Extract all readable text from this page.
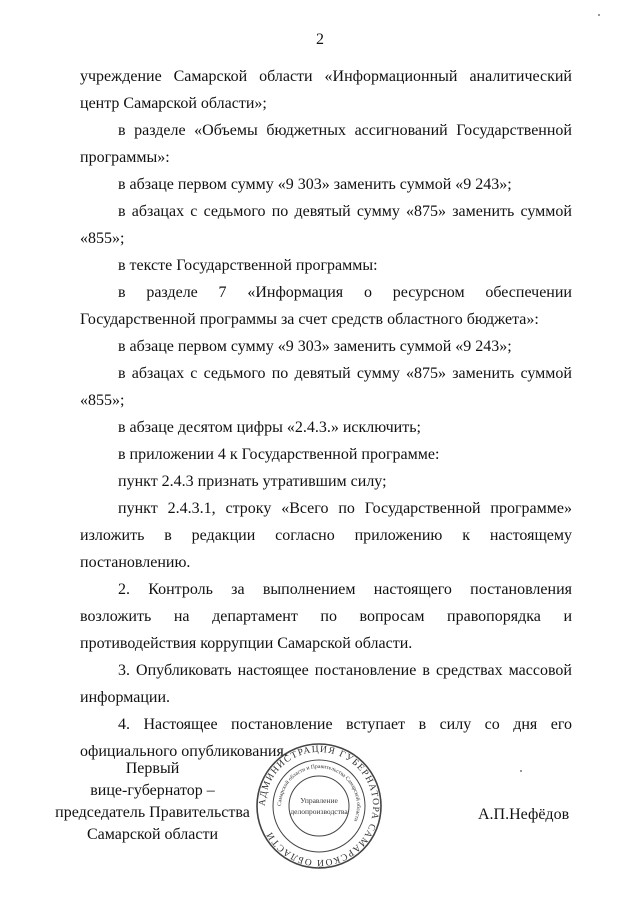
2

учреждение Самарской области «Информационный аналитический центр Самарской области»;

в разделе «Объемы бюджетных ассигнований Государственной программы»:

в абзаце первом сумму «9 303» заменить суммой «9 243»;

в абзацах с седьмого по девятый сумму «875» заменить суммой «855»;

в тексте Государственной программы:

в разделе 7 «Информация о ресурсном обеспечении Государственной программы за счет средств областного бюджета»:

в абзаце первом сумму «9 303» заменить суммой «9 243»;

в абзацах с седьмого по девятый сумму «875» заменить суммой «855»;

в абзаце десятом цифры «2.4.3.» исключить;

в приложении 4 к Государственной программе:

пункт 2.4.3 признать утратившим силу;

пункт 2.4.3.1, строку «Всего по Государственной программе» изложить в редакции согласно приложению к настоящему постановлению.

2. Контроль за выполнением настоящего постановления возложить на департамент по вопросам правопорядка и противодействия коррупции Самарской области.

3. Опубликовать настоящее постановление в средствах массовой информации.

4. Настоящее постановление вступает в силу со дня его официального опубликования.

Первый
вице-губернатор –
председатель Правительства
Самарской области
АДМИНИСТРАЦИЯ ГУБЕРНАТОРА САМАРСКОЙ ОБЛАСТИ
Самарской области и Правительства Самарской области
Управление
делопроизводства	А.П.Нефёдов
